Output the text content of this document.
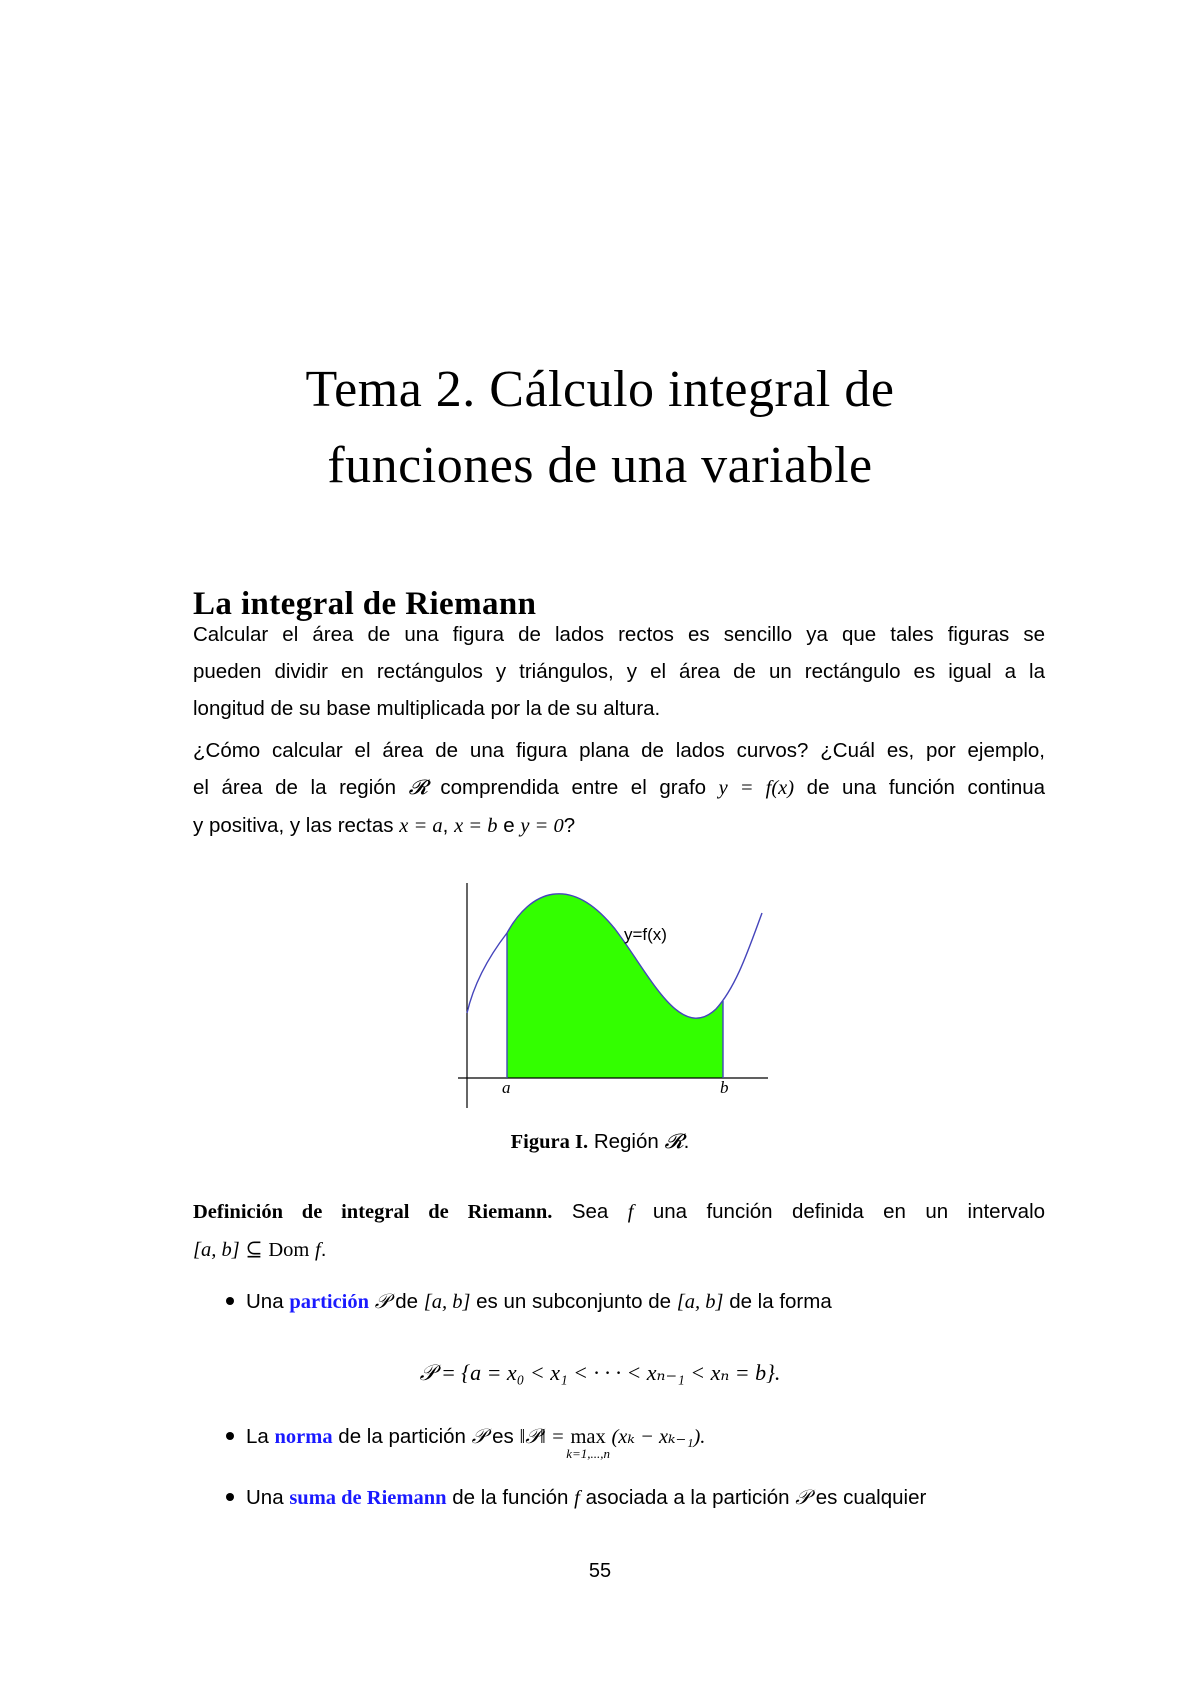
Tema 2. Cálculo integral de
funciones de una variable
La integral de Riemann
Calcular el área de una figura de lados rectos es sencillo ya que tales figuras se
pueden dividir en rectángulos y triángulos, y el área de un rectángulo es igual a la
longitud de su base multiplicada por la de su altura.
¿Cómo calcular el área de una figura plana de lados curvos? ¿Cuál es, por ejemplo,
el área de la región 𝓡 comprendida entre el grafo y = f(x) de una función continua
y positiva, y las rectas x = a, x = b e y = 0?
y=f(x)
a	b
Figura I. Región 𝓡.
Definición de integral de Riemann. Sea f una función definida en un intervalo
[a, b] ⊆ Dom f.
Una partición 𝒫 de [a, b] es un subconjunto de [a, b] de la forma
𝒫 = {a = x₀ < x₁ < · · · < xₙ₋₁ < xₙ = b}.
La norma de la partición 𝒫 es ‖𝒫‖ = max
k=1,...,n
(xₖ − xₖ₋₁).
Una suma de Riemann de la función f asociada a la partición 𝒫 es cualquier
55
